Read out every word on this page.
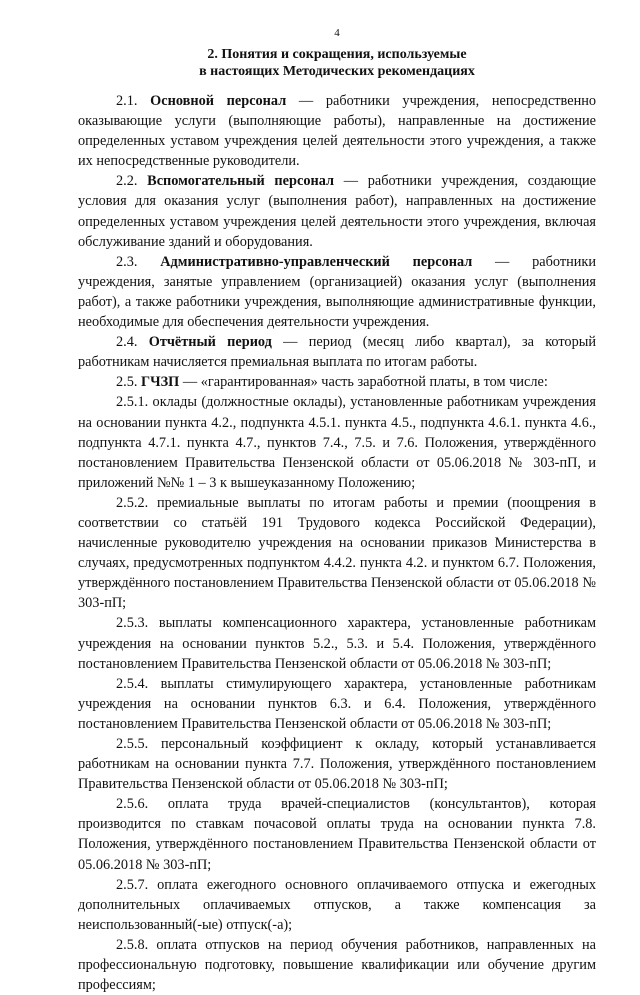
4
2. Понятия и сокращения, используемые
в настоящих Методических рекомендациях

2.1. Основной персонал — работники учреждения, непосредственно оказывающие услуги (выполняющие работы), направленные на достижение определенных уставом учреждения целей деятельности этого учреждения, а также их непосредственные руководители.

2.2. Вспомогательный персонал — работники учреждения, создающие условия для оказания услуг (выполнения работ), направленных на достижение определенных уставом учреждения целей деятельности этого учреждения, включая обслуживание зданий и оборудования.

2.3. Административно-управленческий персонал — работники учреждения, занятые управлением (организацией) оказания услуг (выполнения работ), а также работники учреждения, выполняющие административные функции, необходимые для обеспечения деятельности учреждения.

2.4. Отчётный период — период (месяц либо квартал), за который работникам начисляется премиальная выплата по итогам работы.

2.5. ГЧЗП — «гарантированная» часть заработной платы, в том числе:

2.5.1. оклады (должностные оклады), установленные работникам учреждения на основании пункта 4.2., подпункта 4.5.1. пункта 4.5., подпункта 4.6.1. пункта 4.6., подпункта 4.7.1. пункта 4.7., пунктов 7.4., 7.5. и 7.6. Положения, утверждённого постановлением Правительства Пензенской области от 05.06.2018 № 303-пП, и приложений №№ 1 – 3 к вышеуказанному Положению;

2.5.2. премиальные выплаты по итогам работы и премии (поощрения в соответствии со статьёй 191 Трудового кодекса Российской Федерации), начисленные руководителю учреждения на основании приказов Министерства в случаях, предусмотренных подпунктом 4.4.2. пункта 4.2. и пунктом 6.7. Положения, утверждённого постановлением Правительства Пензенской области от 05.06.2018 № 303-пП;

2.5.3. выплаты компенсационного характера, установленные работникам учреждения на основании пунктов 5.2., 5.3. и 5.4. Положения, утверждённого постановлением Правительства Пензенской области от 05.06.2018 № 303-пП;

2.5.4. выплаты стимулирующего характера, установленные работникам учреждения на основании пунктов 6.3. и 6.4. Положения, утверждённого постановлением Правительства Пензенской области от 05.06.2018 № 303-пП;

2.5.5. персональный коэффициент к окладу, который устанавливается работникам на основании пункта 7.7. Положения, утверждённого постановлением Правительства Пензенской области от 05.06.2018 № 303-пП;

2.5.6. оплата труда врачей-специалистов (консультантов), которая производится по ставкам почасовой оплаты труда на основании пункта 7.8. Положения, утверждённого постановлением Правительства Пензенской области от 05.06.2018 № 303-пП;

2.5.7. оплата ежегодного основного оплачиваемого отпуска и ежегодных дополнительных оплачиваемых отпусков, а также компенсация за неиспользованный(-ые) отпуск(-а);

2.5.8. оплата отпусков на период обучения работников, направленных на профессиональную подготовку, повышение квалификации или обучение другим профессиям;
